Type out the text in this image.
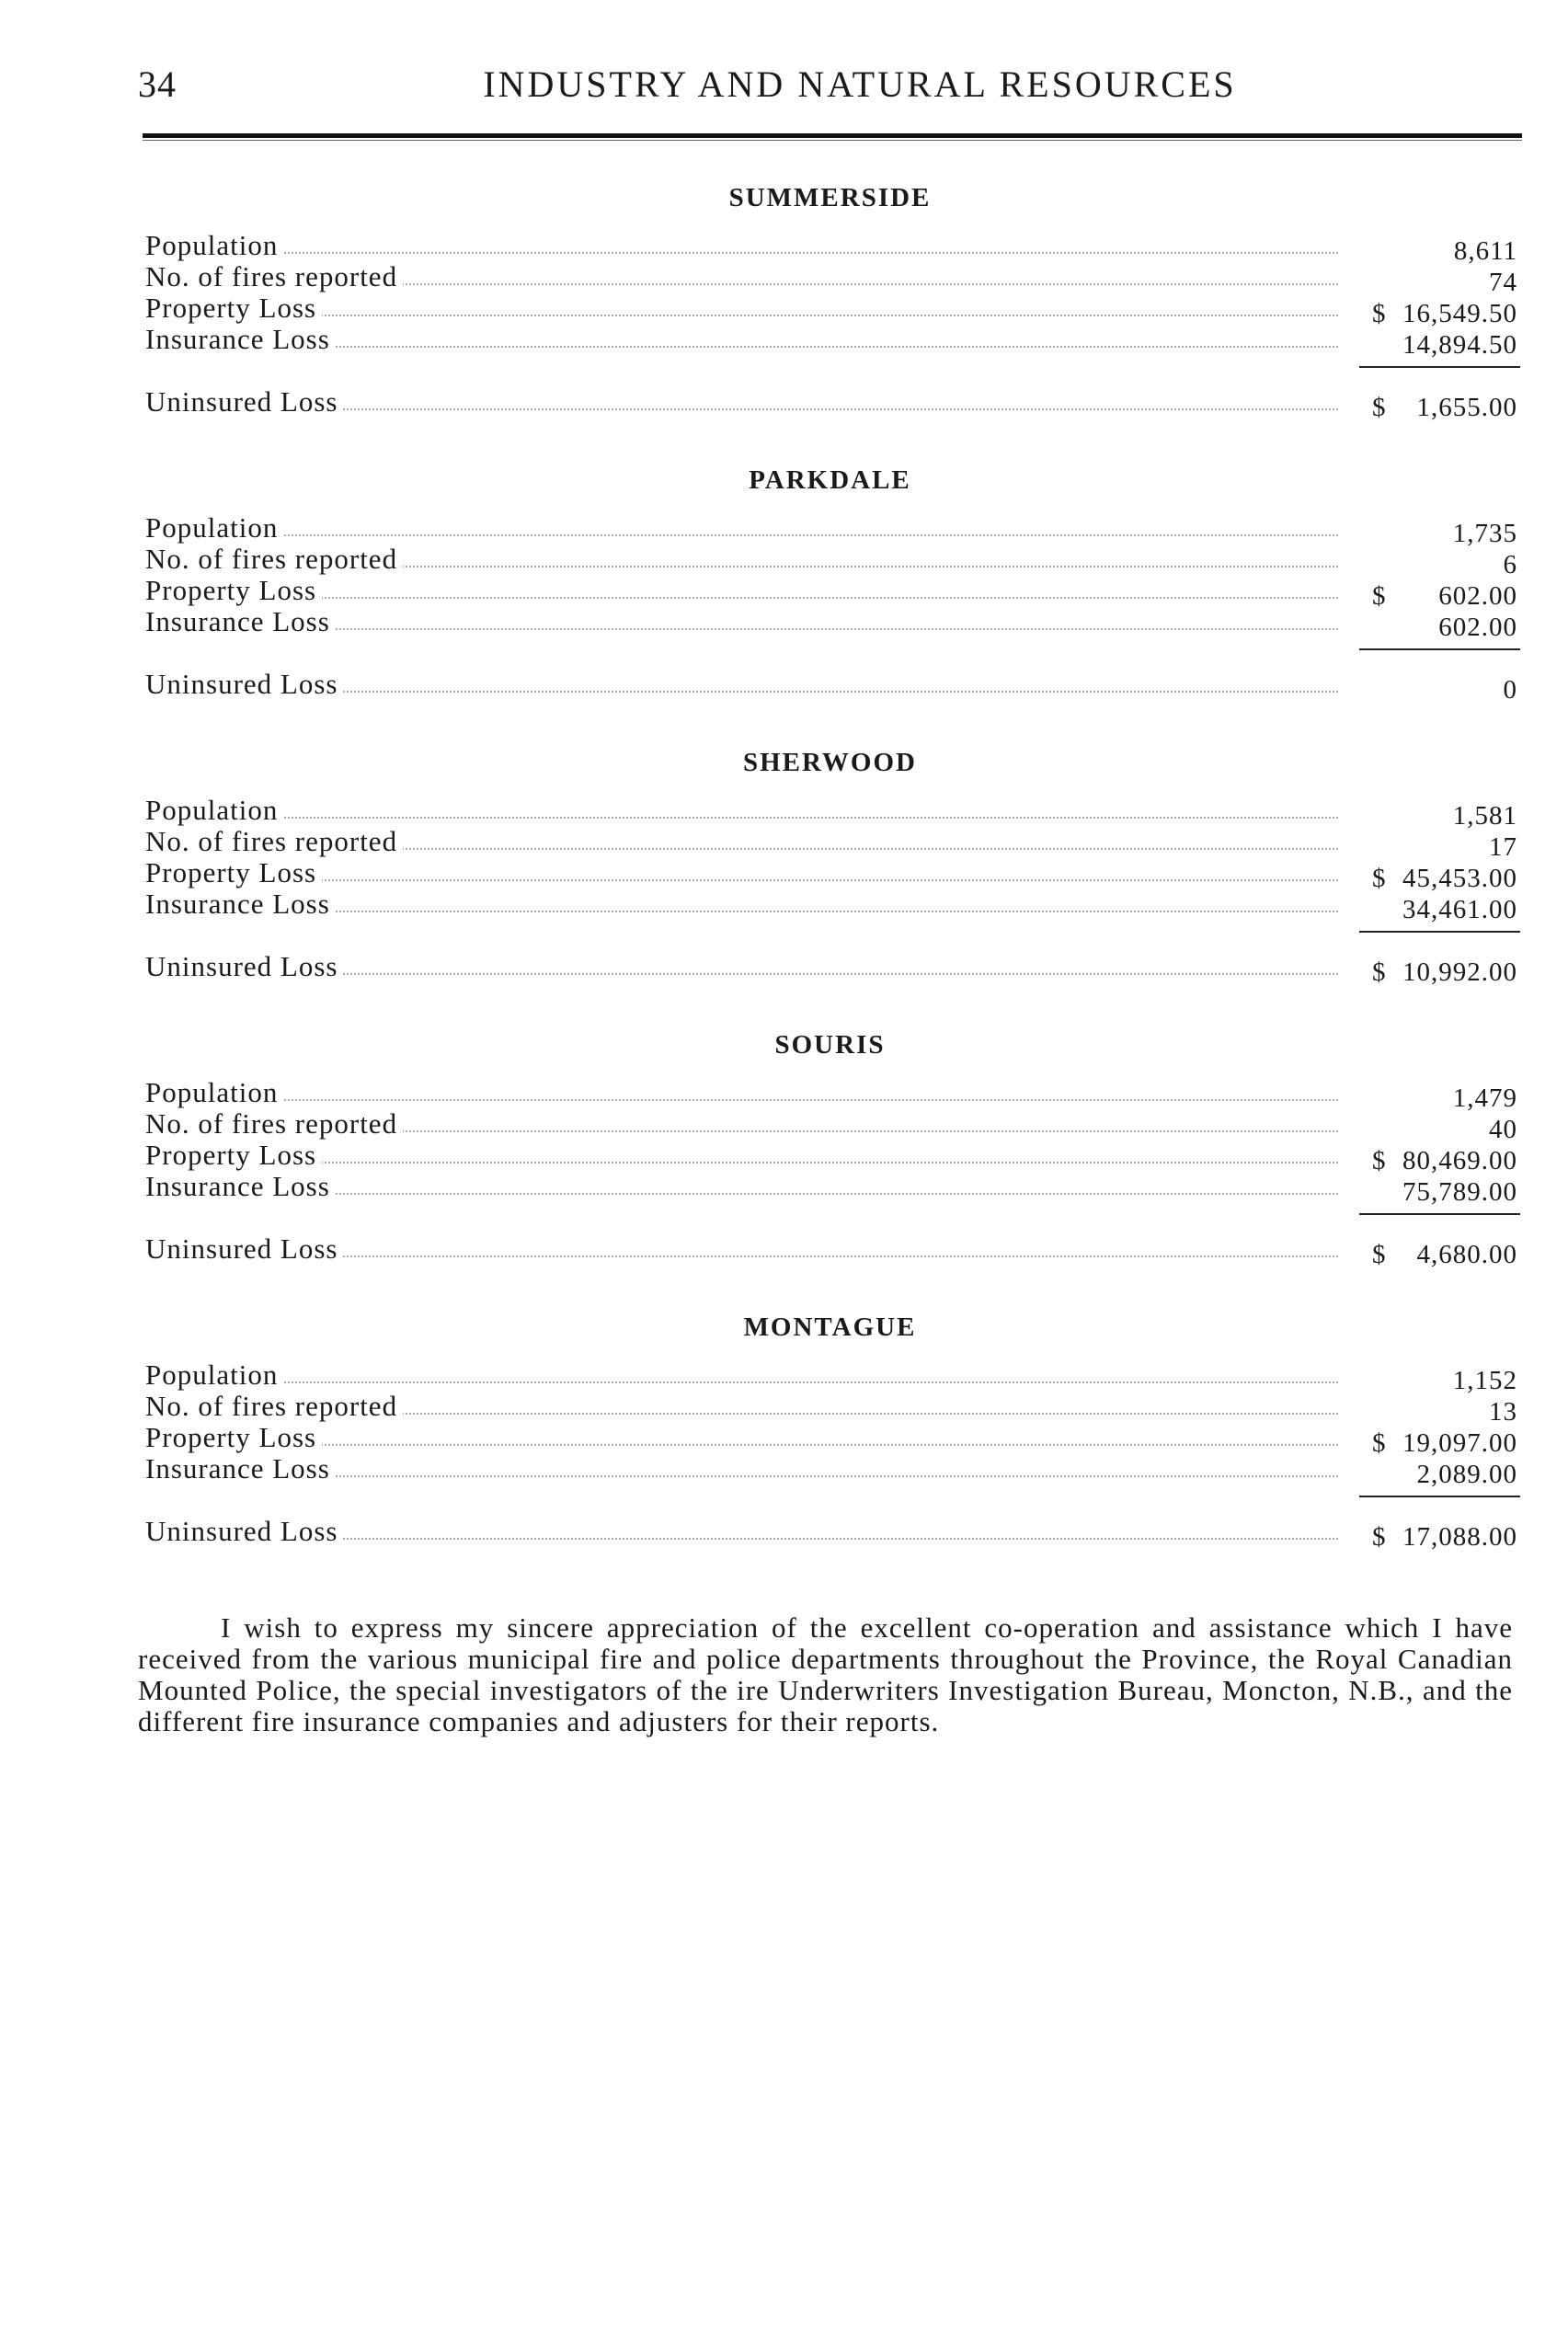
34	INDUSTRY AND NATURAL RESOURCES
SUMMERSIDE
Population	8,611
No. of fires reported	74
Property Loss	$ 16,549.50
Insurance Loss	14,894.50
Uninsured Loss	$ 1,655.00
PARKDALE
Population	1,735
No. of fires reported	6
Property Loss	$ 602.00
Insurance Loss	602.00
Uninsured Loss	0
SHERWOOD
Population	1,581
No. of fires reported	17
Property Loss	$ 45,453.00
Insurance Loss	34,461.00
Uninsured Loss	$ 10,992.00
SOURIS
Population	1,479
No. of fires reported	40
Property Loss	$ 80,469.00
Insurance Loss	75,789.00
Uninsured Loss	$ 4,680.00
MONTAGUE
Population	1,152
No. of fires reported	13
Property Loss	$ 19,097.00
Insurance Loss	2,089.00
Uninsured Loss	$ 17,088.00

I wish to express my sincere appreciation of the excellent co-operation and assistance which I have received from the various municipal fire and police departments throughout the Province, the Royal Canadian Mounted Police, the special investigators of the ire Underwriters Investigation Bureau, Moncton, N.B., and the different fire insurance companies and adjusters for their reports.
